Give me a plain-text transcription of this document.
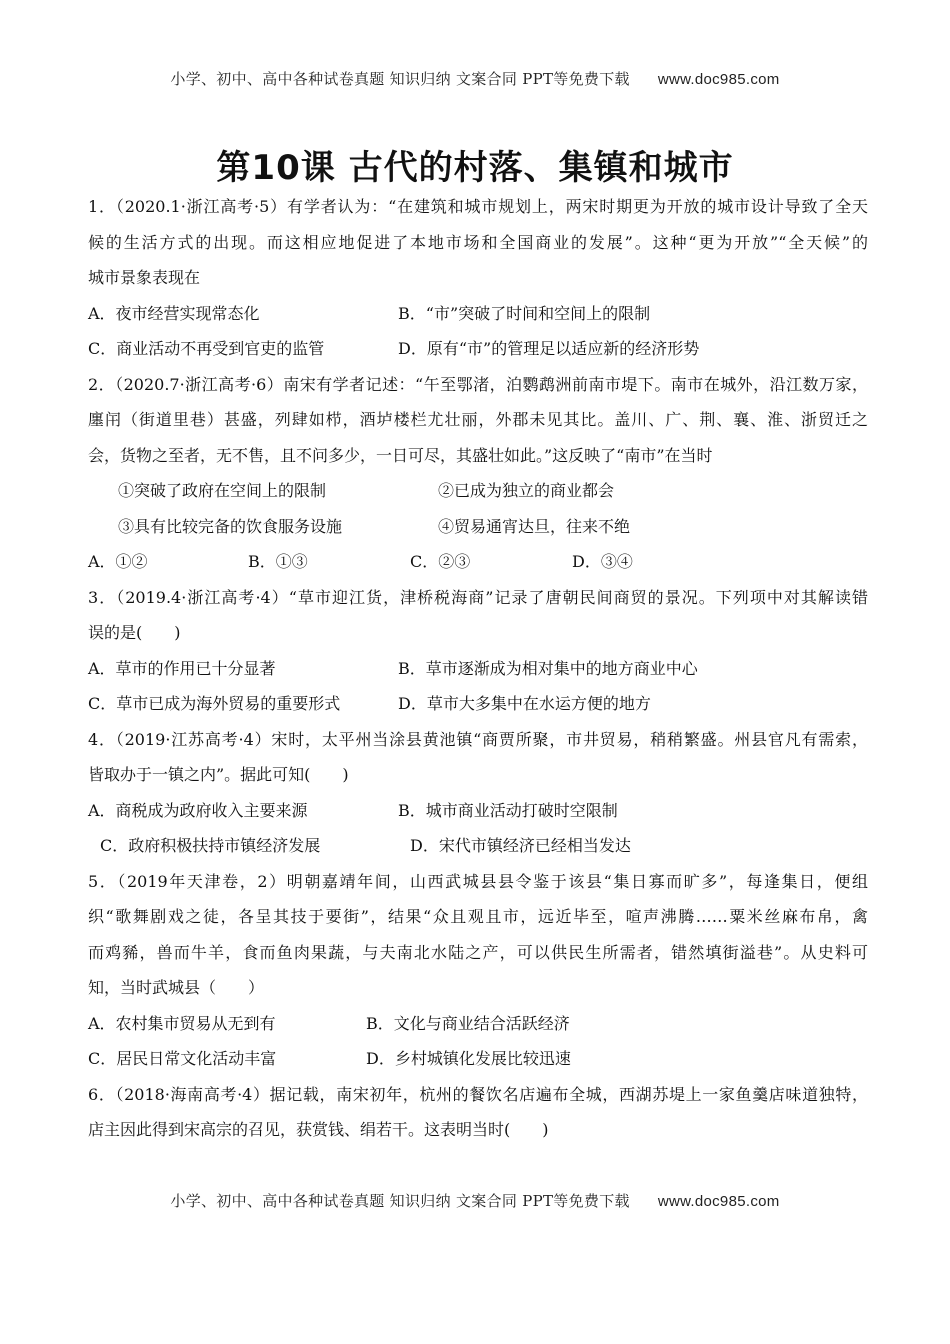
小学、初中、高中各种试卷真题 知识归纳 文案合同 PPT等免费下载 www.doc985.com
第10课 古代的村落、集镇和城市
1．（2020.1·浙江高考·5）有学者认为：“在建筑和城市规划上，两宋时期更为开放的城市设计导致了全天
候的生活方式的出现。而这相应地促进了本地市场和全国商业的发展”。这种“更为开放”“全天候”的
城市景象表现在
A．夜市经营实现常态化	B．“市”突破了时间和空间上的限制
C．商业活动不再受到官吏的监管	D．原有“市”的管理足以适应新的经济形势
2．（2020.7·浙江高考·6）南宋有学者记述：“午至鄂渚，泊鹦鹉洲前南市堤下。南市在城外，沿江数万家，
廛闬（街道里巷）甚盛，列肆如栉，酒垆楼栏尤壮丽，外郡未见其比。盖川、广、荆、襄、淮、浙贸迁之
会，货物之至者，无不售，且不问多少，一日可尽，其盛壮如此。”这反映了“南市”在当时
①突破了政府在空间上的限制	②已成为独立的商业都会
③具有比较完备的饮食服务设施	④贸易通宵达旦，往来不绝
A．①②	B．①③	C．②③	D．③④
3．（2019.4·浙江高考·4）“草市迎江货，津桥税海商”记录了唐朝民间商贸的景况。下列项中对其解读错
误的是(　　)
A．草市的作用已十分显著	B．草市逐渐成为相对集中的地方商业中心
C．草市已成为海外贸易的重要形式	D．草市大多集中在水运方便的地方
4．（2019·江苏高考·4）宋时，太平州当涂县黄池镇“商贾所聚，市井贸易，稍稍繁盛。州县官凡有需索，
皆取办于一镇之内”。据此可知(　　)
A．商税成为政府收入主要来源	B．城市商业活动打破时空限制
C．政府积极扶持市镇经济发展	D．宋代市镇经济已经相当发达
5．（2019年天津卷，2）明朝嘉靖年间，山西武城县县令鉴于该县“集日寡而旷多”，每逢集日，便组
织“歌舞剧戏之徒，各呈其技于要街”，结果“众且观且市，远近毕至，喧声沸腾……粟米丝麻布帛，禽
而鸡豨，兽而牛羊，食而鱼肉果蔬，与夫南北水陆之产，可以供民生所需者，错然填街溢巷”。从史料可
知，当时武城县（　　）
A．农村集市贸易从无到有	B．文化与商业结合活跃经济
C．居民日常文化活动丰富	D．乡村城镇化发展比较迅速
6．（2018·海南高考·4）据记载，南宋初年，杭州的餐饮名店遍布全城，西湖苏堤上一家鱼羹店味道独特，
店主因此得到宋高宗的召见，获赏钱、绢若干。这表明当时(　　)
小学、初中、高中各种试卷真题 知识归纳 文案合同 PPT等免费下载 www.doc985.com
